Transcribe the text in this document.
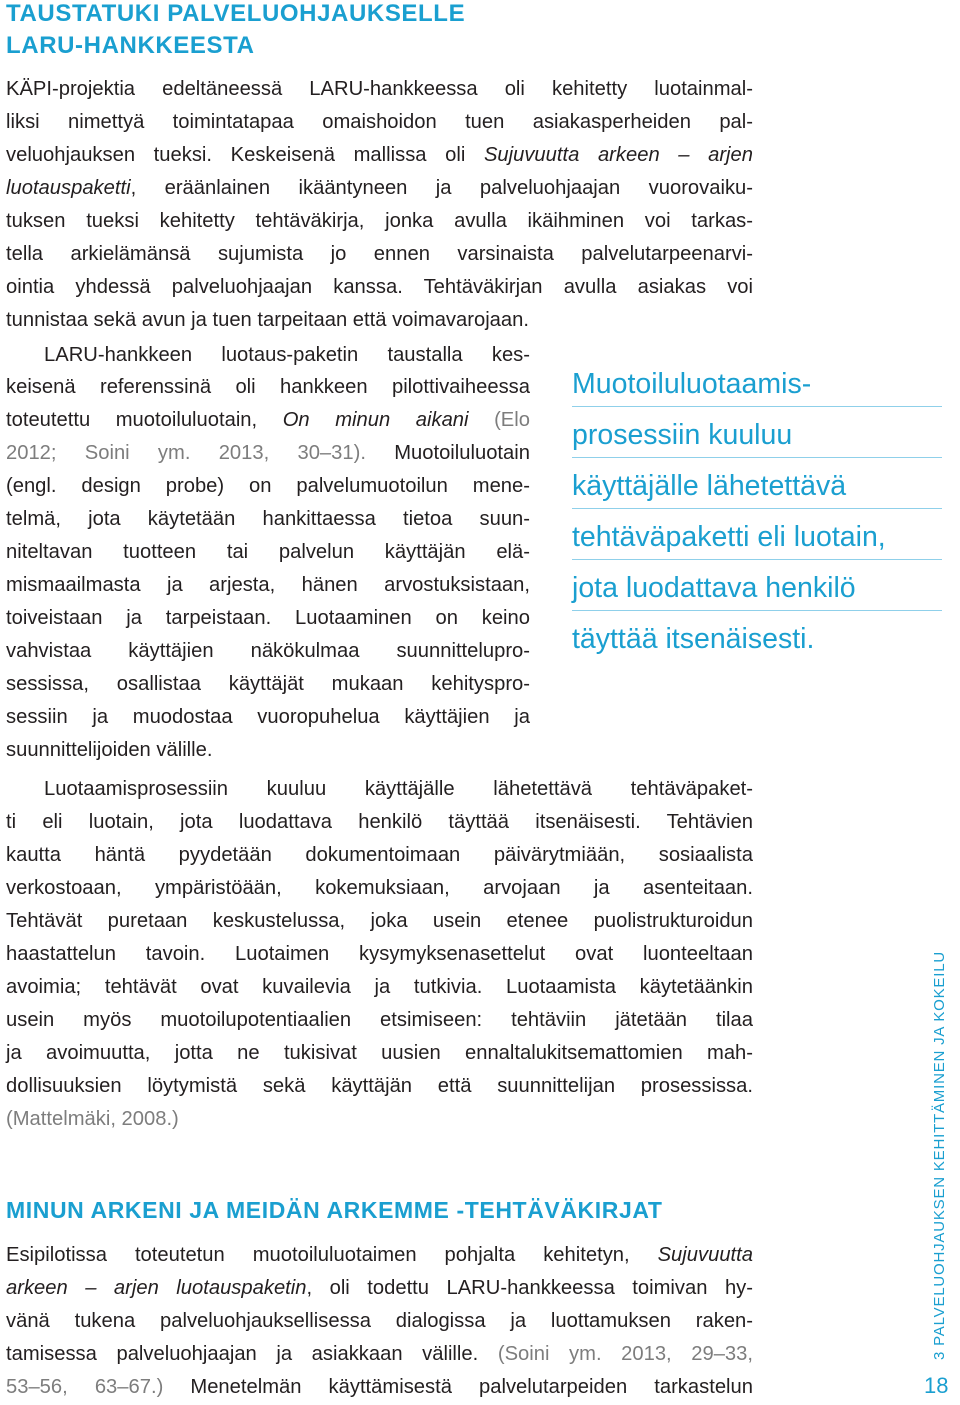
TAUSTATUKI PALVELUOHJAUKSELLE
LARU-HANKKEESTA
KÄPI-projektia edeltäneessä LARU-hankkeessa oli kehitetty luotainmal-
liksi nimettyä toimintatapaa omaishoidon tuen asiakasperheiden pal-
veluohjauksen tueksi. Keskeisenä mallissa oli Sujuvuutta arkeen – arjen
luotauspaketti, eräänlainen ikääntyneen ja palveluohjaajan vuorovaiku-
tuksen tueksi kehitetty tehtäväkirja, jonka avulla ikäihminen voi tarkas-
tella arkielämänsä sujumista jo ennen varsinaista palvelutarpeenarvi-
ointia yhdessä palveluohjaajan kanssa. Tehtäväkirjan avulla asiakas voi
tunnistaa sekä avun ja tuen tarpeitaan että voimavarojaan.
LARU-hankkeen luotaus-paketin taustalla kes-
keisenä referenssinä oli hankkeen pilottivaiheessa
toteutettu muotoiluluotain, On minun aikani (Elo
2012; Soini ym. 2013, 30–31). Muotoiluluotain
(engl. design probe) on palvelumuotoilun mene-
telmä, jota käytetään hankittaessa tietoa suun-
niteltavan tuotteen tai palvelun käyttäjän elä-
mismaailmasta ja arjesta, hänen arvostuksistaan,
toiveistaan ja tarpeistaan. Luotaaminen on keino
vahvistaa käyttäjien näkökulmaa suunnittelupro-
sessissa, osallistaa käyttäjät mukaan kehityspro-
sessiin ja muodostaa vuoropuhelua käyttäjien ja
suunnittelijoiden välille.
Muotoiluluotaamis-
prosessiin kuuluu
käyttäjälle lähetettävä
tehtäväpaketti eli luotain,
jota luodattava henkilö
täyttää itsenäisesti.
Luotaamisprosessiin kuuluu käyttäjälle lähetettävä tehtäväpaket-
ti eli luotain, jota luodattava henkilö täyttää itsenäisesti. Tehtävien
kautta häntä pyydetään dokumentoimaan päivärytmiään, sosiaalista
verkostoaan, ympäristöään, kokemuksiaan, arvojaan ja asenteitaan.
Tehtävät puretaan keskustelussa, joka usein etenee puolistrukturoidun
haastattelun tavoin. Luotaimen kysymyksenasettelut ovat luonteeltaan
avoimia; tehtävät ovat kuvailevia ja tutkivia. Luotaamista käytetäänkin
usein myös muotoilupotentiaalien etsimiseen: tehtäviin jätetään tilaa
ja avoimuutta, jotta ne tukisivat uusien ennaltalukitsemattomien mah-
dollisuuksien löytymistä sekä käyttäjän että suunnittelijan prosessissa.
(Mattelmäki, 2008.)
MINUN ARKENI JA MEIDÄN ARKEMME -TEHTÄVÄKIRJAT
Esipilotissa toteutetun muotoiluluotaimen pohjalta kehitetyn, Sujuvuutta
arkeen – arjen luotauspaketin, oli todettu LARU-hankkeessa toimivan hy-
vänä tukena palveluohjauksellisessa dialogissa ja luottamuksen raken-
tamisessa palveluohjaajan ja asiakkaan välille. (Soini ym. 2013, 29–33,
53–56, 63–67.) Menetelmän käyttämisestä palvelutarpeiden tarkastelun
3 PALVELUOHJAUKSEN KEHITTÄMINEN JA KOKEILU
18
